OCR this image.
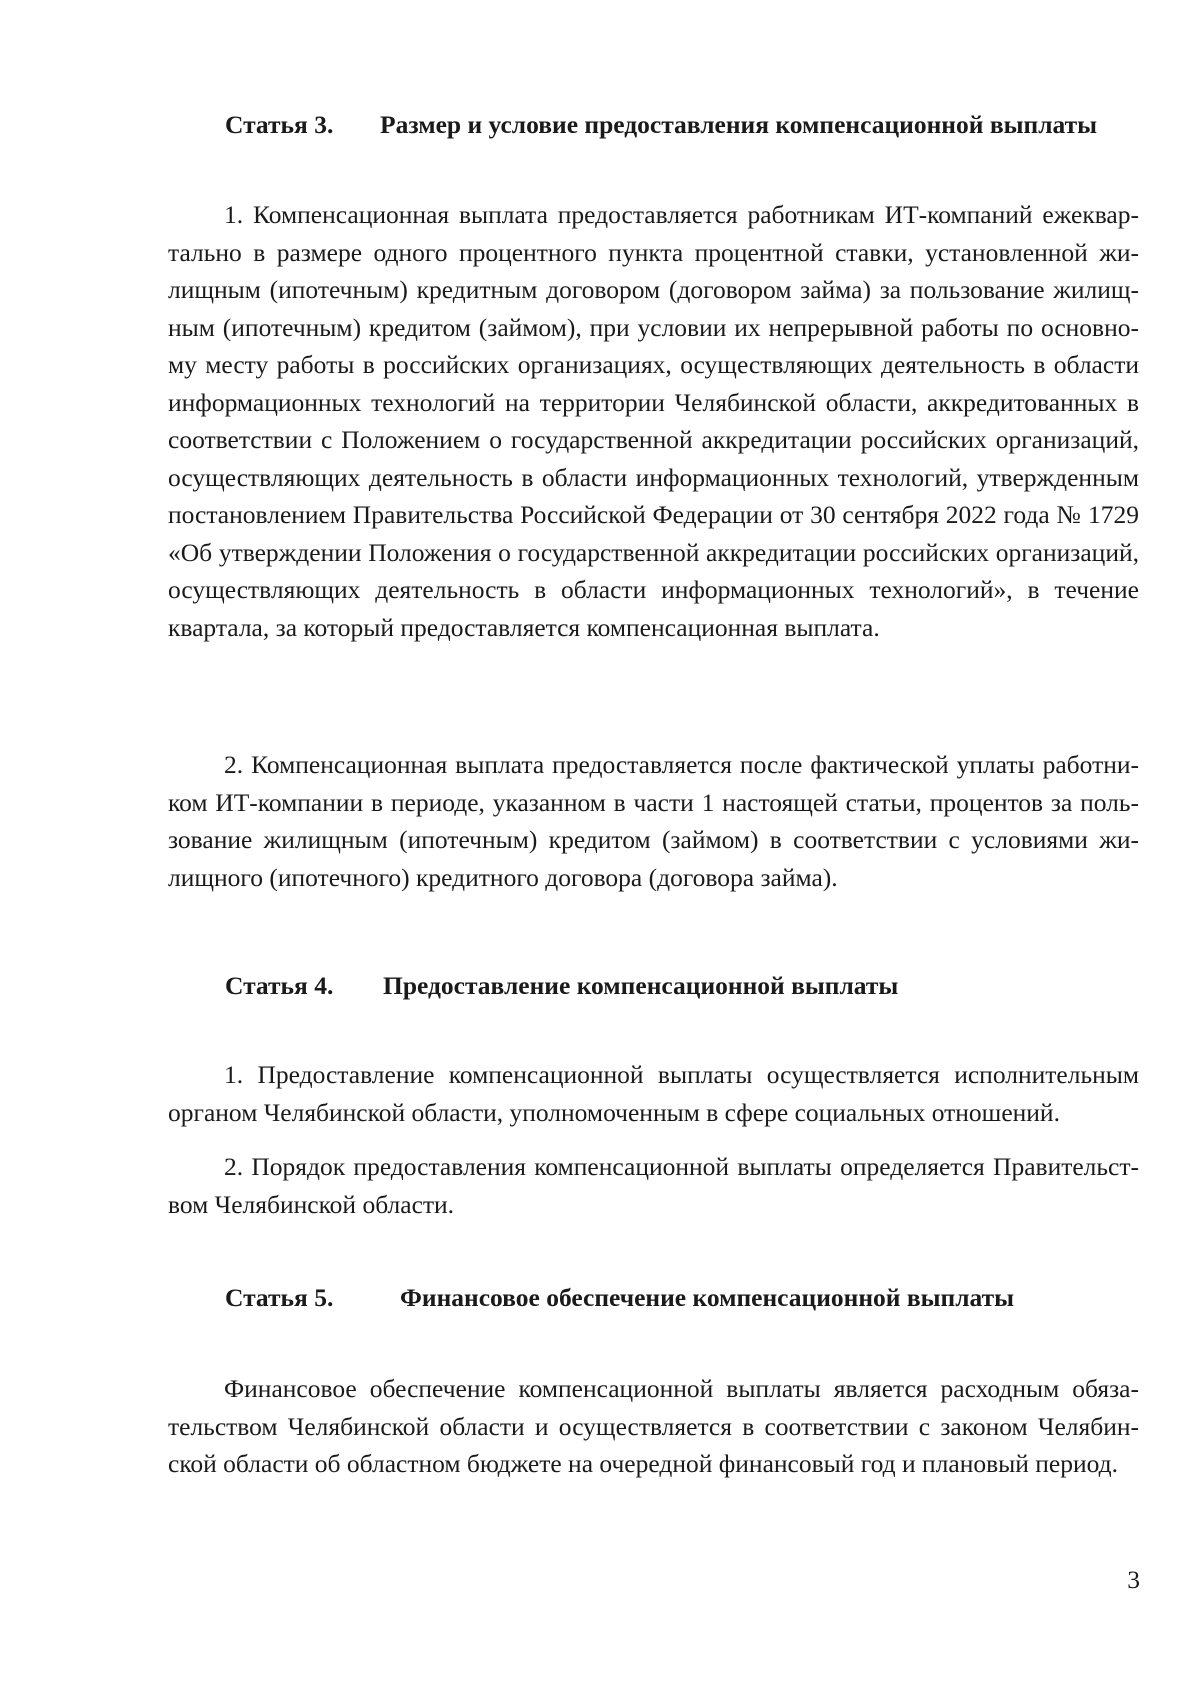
Статья 3. Размер и условие предоставления компенсационной выплаты
1. Компенсационная выплата предоставляется работникам ИТ-компаний ежеквар-
тально в размере одного процентного пункта процентной ставки, установленной жи-
лищным (ипотечным) кредитным договором (договором займа) за пользование жилищ-
ным (ипотечным) кредитом (займом), при условии их непрерывной работы по основно-
му месту работы в российских организациях, осуществляющих деятельность в области
информационных технологий на территории Челябинской области, аккредитованных в
соответствии с Положением о государственной аккредитации российских организаций,
осуществляющих деятельность в области информационных технологий, утвержденным
постановлением Правительства Российской Федерации от 30 сентября 2022 года № 1729
«Об утверждении Положения о государственной аккредитации российских организаций,
осуществляющих деятельность в области информационных технологий», в течение
квартала, за который предоставляется компенсационная выплата.
2. Компенсационная выплата предоставляется после фактической уплаты работни-
ком ИТ-компании в периоде, указанном в части 1 настоящей статьи, процентов за поль-
зование жилищным (ипотечным) кредитом (займом) в соответствии с условиями жи-
лищного (ипотечного) кредитного договора (договора займа).
Статья 4. Предоставление компенсационной выплаты
1. Предоставление компенсационной выплаты осуществляется исполнительным
органом Челябинской области, уполномоченным в сфере социальных отношений.
2. Порядок предоставления компенсационной выплаты определяется Правительст-
вом Челябинской области.
Статья 5.	Финансовое обеспечение компенсационной выплаты
Финансовое обеспечение компенсационной выплаты является расходным обяза-
тельством Челябинской области и осуществляется в соответствии с законом Челябин-
ской области об областном бюджете на очередной финансовый год и плановый период.
3
